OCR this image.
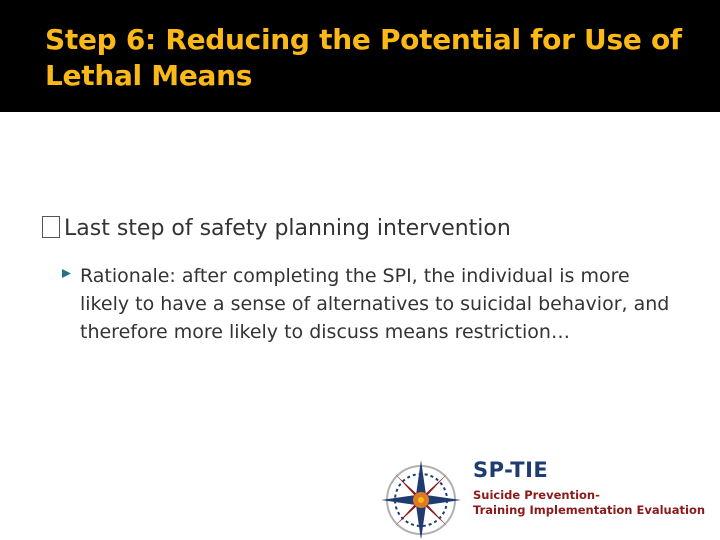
Step 6: Reducing the Potential for Use of Lethal Means
Last step of safety planning intervention
Rationale: after completing the SPI, the individual is more likely to have a sense of alternatives to suicidal behavior, and therefore more likely to discuss means restriction…
SP-TIE
Suicide Prevention-
Training Implementation Evaluation
